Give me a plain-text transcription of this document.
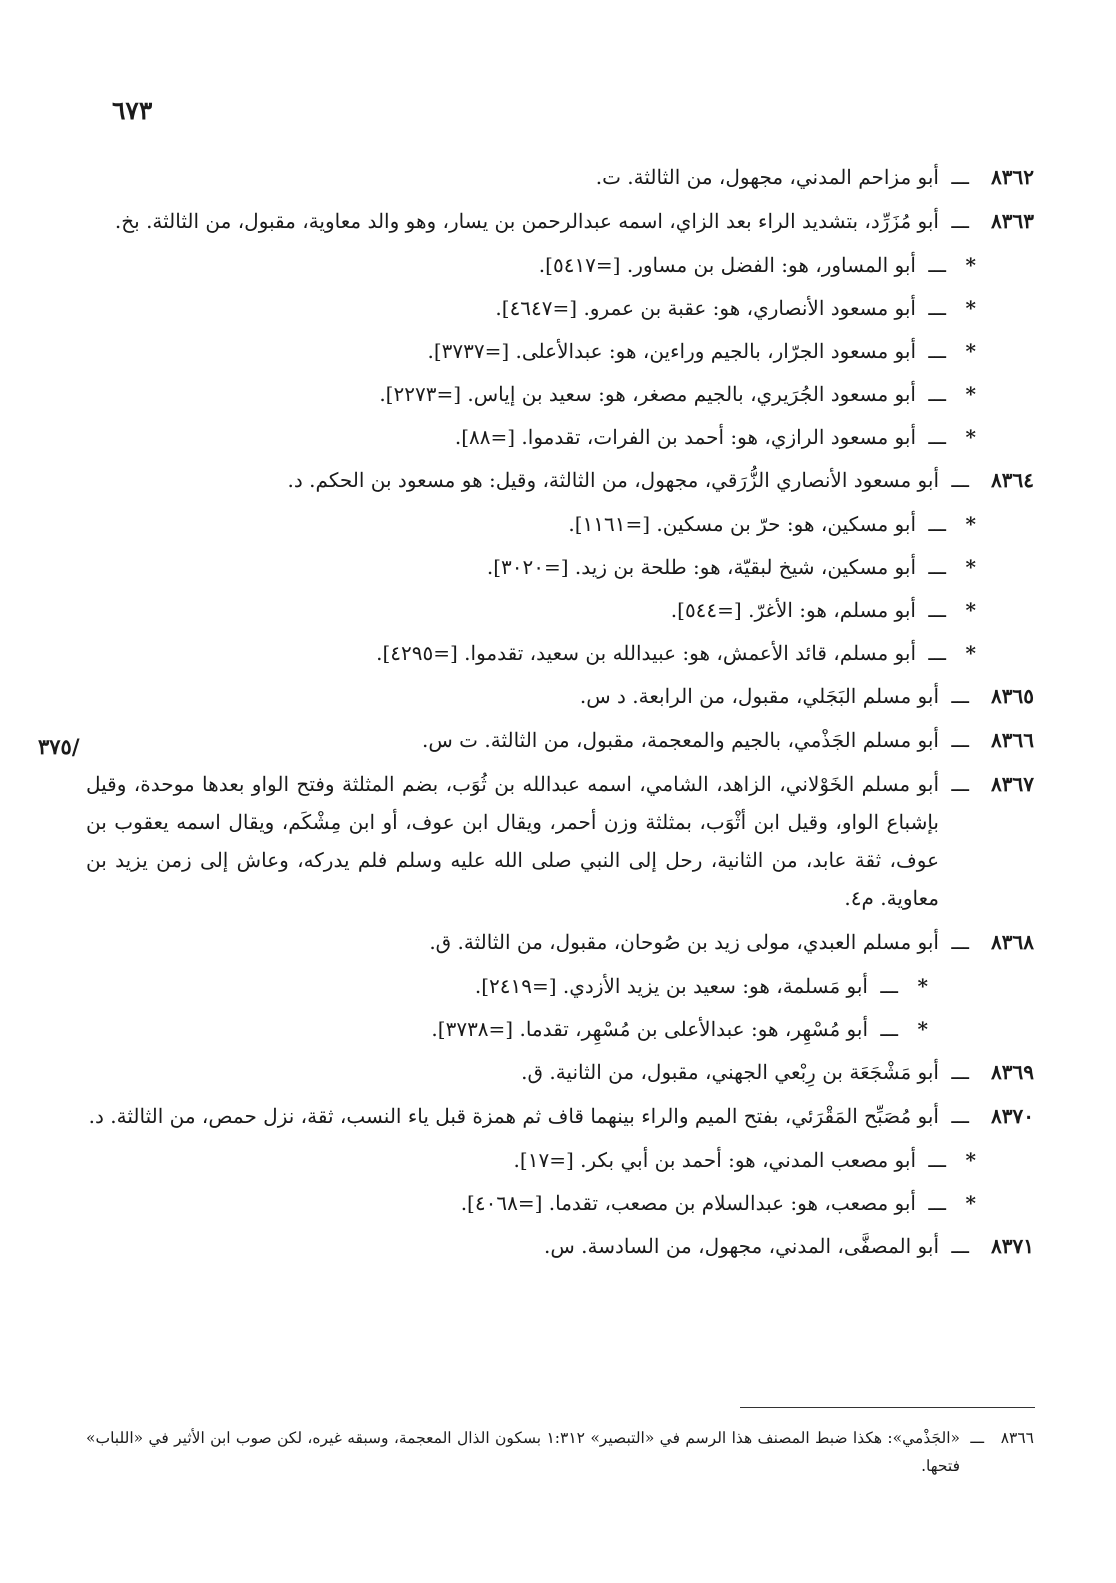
٦٧٣
/٣٧٥
٨٣٦٢
ـــ
أبو مزاحم المدني، مجهول، من الثالثة. ت.
٨٣٦٣
ـــ
أبو مُزَرِّد، بتشديد الراء بعد الزاي، اسمه عبدالرحمن بن يسار، وهو والد معاوية، مقبول، من الثالثة. بخ.
*
ـــ
أبو المساور، هو: الفضل بن مساور. [=٥٤١٧].
*
ـــ
أبو مسعود الأنصاري، هو: عقبة بن عمرو. [=٤٦٤٧].
*
ـــ
أبو مسعود الجرّار، بالجيم وراءين، هو: عبدالأعلى. [=٣٧٣٧].
*
ـــ
أبو مسعود الجُرَيري، بالجيم مصغر، هو: سعيد بن إياس. [=٢٢٧٣].
*
ـــ
أبو مسعود الرازي، هو: أحمد بن الفرات، تقدموا. [=٨٨].
٨٣٦٤
ـــ
أبو مسعود الأنصاري الزُّرَقي، مجهول، من الثالثة، وقيل: هو مسعود بن الحكم. د.
*
ـــ
أبو مسكين، هو: حرّ بن مسكين. [=١١٦١].
*
ـــ
أبو مسكين، شيخ لبقيّة، هو: طلحة بن زيد. [=٣٠٢٠].
*
ـــ
أبو مسلم، هو: الأغرّ. [=٥٤٤].
*
ـــ
أبو مسلم، قائد الأعمش، هو: عبيدالله بن سعيد، تقدموا. [=٤٢٩٥].
٨٣٦٥
ـــ
أبو مسلم البَجَلي، مقبول، من الرابعة. د س.
٨٣٦٦
ـــ
أبو مسلم الجَذْمي، بالجيم والمعجمة، مقبول، من الثالثة. ت س.
٨٣٦٧
ـــ
أبو مسلم الخَوْلاني، الزاهد، الشامي، اسمه عبدالله بن ثُوَب، بضم المثلثة وفتح الواو بعدها موحدة، وقيل بإشباع الواو، وقيل ابن أثْوَب، بمثلثة وزن أحمر، ويقال ابن عوف، أو ابن مِشْكَم، ويقال اسمه يعقوب بن عوف، ثقة عابد، من الثانية، رحل إلى النبي صلى الله عليه وسلم فلم يدركه، وعاش إلى زمن يزيد بن معاوية. م٤.
٨٣٦٨
ـــ
أبو مسلم العبدي، مولى زيد بن صُوحان، مقبول، من الثالثة. ق.
*
ـــ
أبو مَسلمة، هو: سعيد بن يزيد الأزدي. [=٢٤١٩].
*
ـــ
أبو مُسْهِر، هو: عبدالأعلى بن مُسْهِر، تقدما. [=٣٧٣٨].
٨٣٦٩
ـــ
أبو مَشْجَعَة بن رِبْعي الجهني، مقبول، من الثانية. ق.
٨٣٧٠
ـــ
أبو مُصَبِّح المَقْرَئي، بفتح الميم والراء بينهما قاف ثم همزة قبل ياء النسب، ثقة، نزل حمص، من الثالثة. د.
*
ـــ
أبو مصعب المدني، هو: أحمد بن أبي بكر. [=١٧].
*
ـــ
أبو مصعب، هو: عبدالسلام بن مصعب، تقدما. [=٤٠٦٨].
٨٣٧١
ـــ
أبو المصفَّى، المدني، مجهول، من السادسة. س.
٨٣٦٦
ـــ
«الجَذْمي»: هكذا ضبط المصنف هذا الرسم في «التبصير» ١:٣١٢ بسكون الذال المعجمة، وسبقه غيره، لكن صوب ابن الأثير في «اللباب» فتحها.
